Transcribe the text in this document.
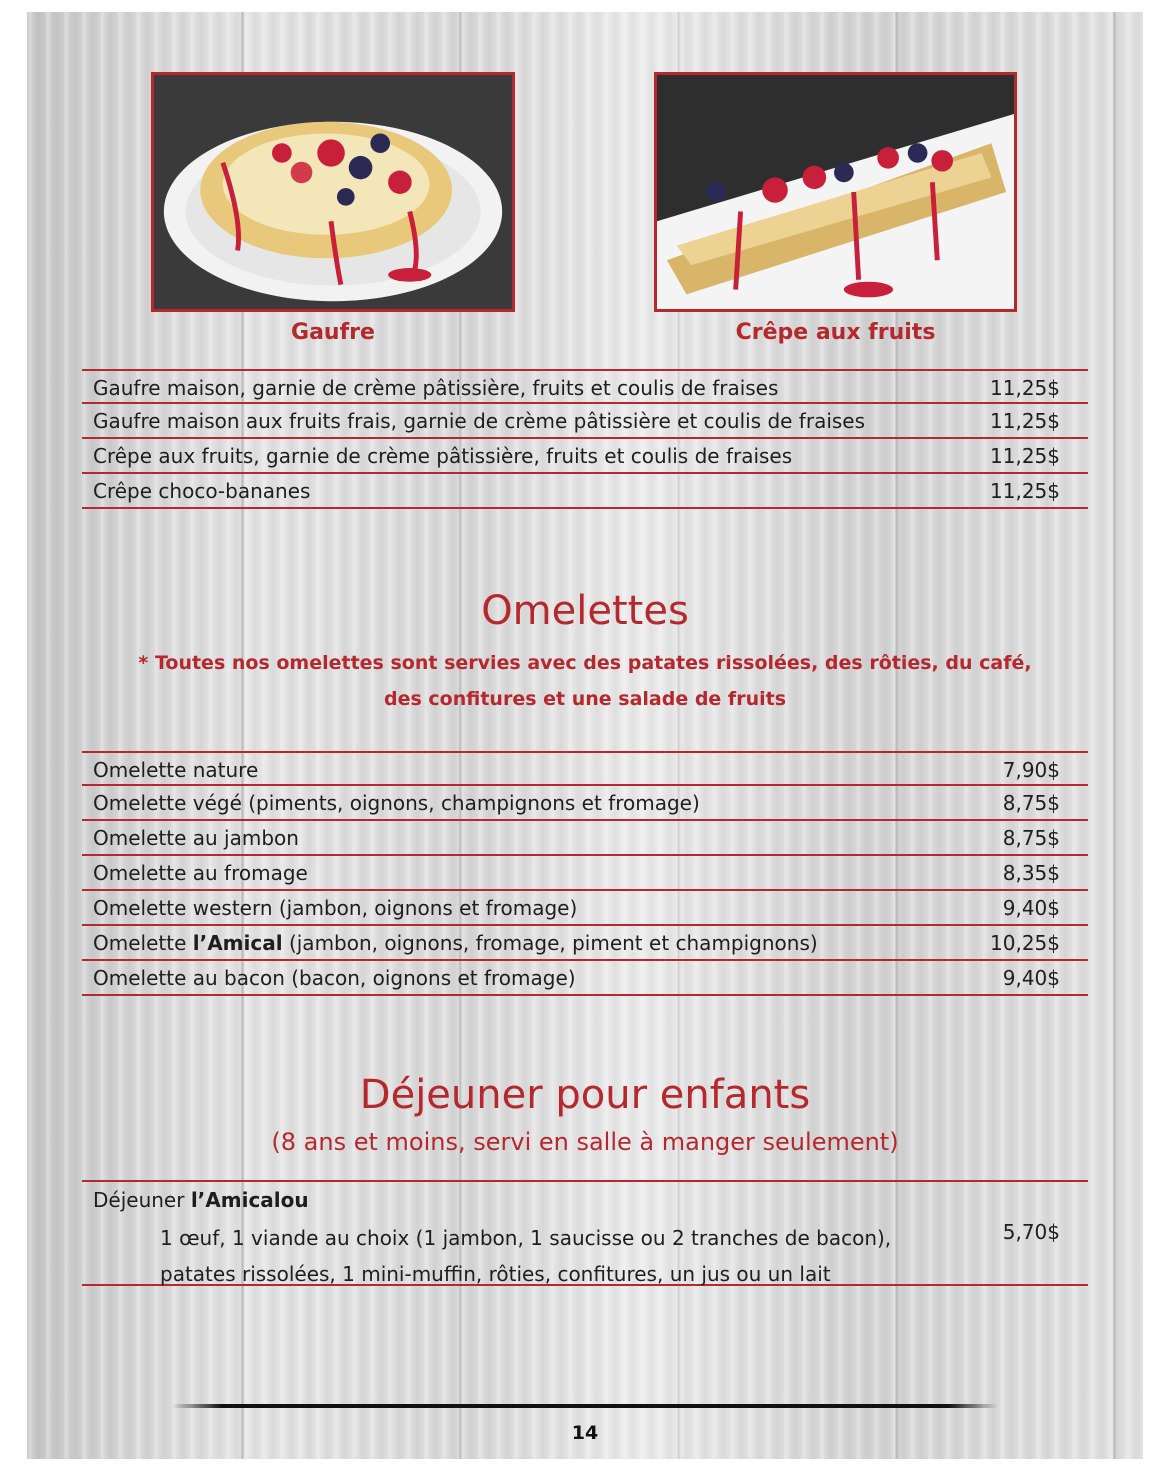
Gaufre	Crêpe aux fruits
Gaufre maison, garnie de crème pâtissière, fruits et coulis de fraises	11,25$
Gaufre maison aux fruits frais, garnie de crème pâtissière et coulis de fraises	11,25$
Crêpe aux fruits, garnie de crème pâtissière, fruits et coulis de fraises	11,25$
Crêpe choco-bananes	11,25$
Omelettes
* Toutes nos omelettes sont servies avec des patates rissolées, des rôties, du café,
des confitures et une salade de fruits
Omelette nature	7,90$
Omelette végé (piments, oignons, champignons et fromage)	8,75$
Omelette au jambon	8,75$
Omelette au fromage	8,35$
Omelette western (jambon, oignons et fromage)	9,40$
Omelette l’Amical (jambon, oignons, fromage, piment et champignons)	10,25$
Omelette au bacon (bacon, oignons et fromage)	9,40$
Déjeuner pour enfants
(8 ans et moins, servi en salle à manger seulement)
Déjeuner l’Amicalou
1 œuf, 1 viande au choix (1 jambon, 1 saucisse ou 2 tranches de bacon),
patates rissolées, 1 mini-muffin, rôties, confitures, un jus ou un lait
5,70$
14
